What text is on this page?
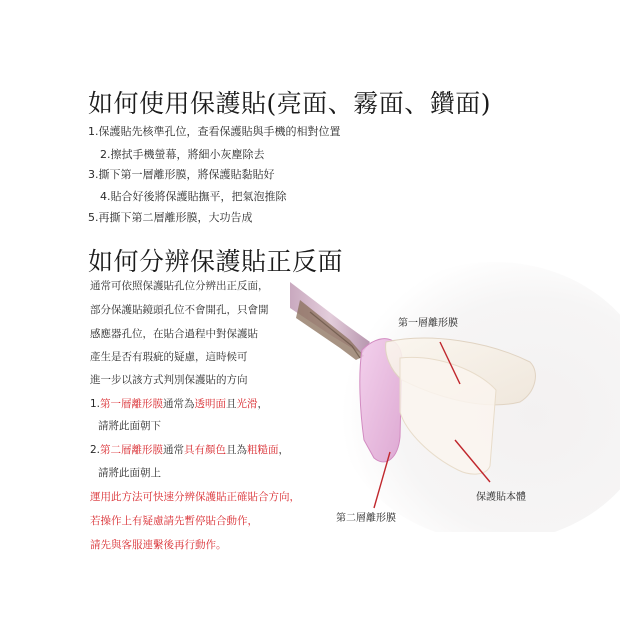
如何使用保護貼(亮面、霧面、鑽面)
1.保護貼先核準孔位，查看保護貼與手機的相對位置
2.擦拭手機螢幕，將細小灰塵除去
3.撕下第一層離形膜，將保護貼黏貼好
4.貼合好後將保護貼撫平，把氣泡推除
5.再撕下第二層離形膜，大功告成
如何分辨保護貼正反面
通常可依照保護貼孔位分辨出正反面，
部分保護貼鏡頭孔位不會開孔，只會開
感應器孔位，在貼合過程中對保護貼
產生是否有瑕疵的疑慮，這時候可
進一步以該方式判別保護貼的方向
1.第一層離形膜通常為透明面且光滑，
請將此面朝下
2.第二層離形膜通常具有顏色且為粗糙面，
請將此面朝上
運用此方法可快速分辨保護貼正確貼合方向，
若操作上有疑慮請先暫停貼合動作，
請先與客服連繫後再行動作。
第一層離形膜
保護貼本體
第二層離形膜
